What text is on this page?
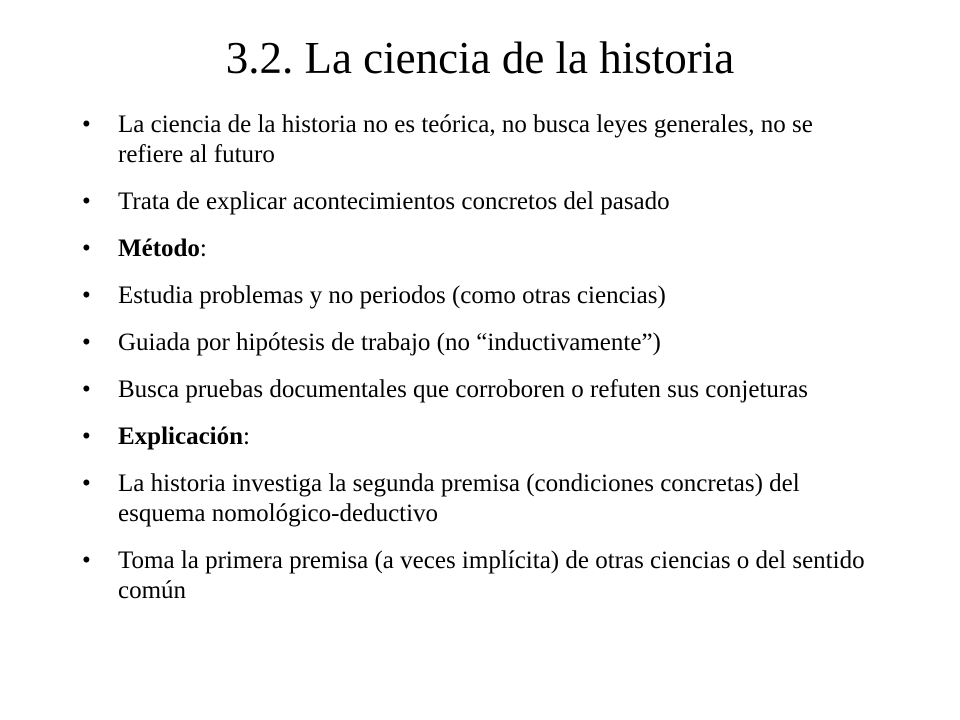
3.2. La ciencia de la historia
• La ciencia de la historia no es teórica, no busca leyes generales, no se refiere al futuro
• Trata de explicar acontecimientos concretos del pasado
• Método:
• Estudia problemas y no periodos (como otras ciencias)
• Guiada por hipótesis de trabajo (no “inductivamente”)
• Busca pruebas documentales que corroboren o refuten sus conjeturas
• Explicación:
• La historia investiga la segunda premisa (condiciones concretas) del esquema nomológico-deductivo
• Toma la primera premisa (a veces implícita) de otras ciencias o del sentido común
